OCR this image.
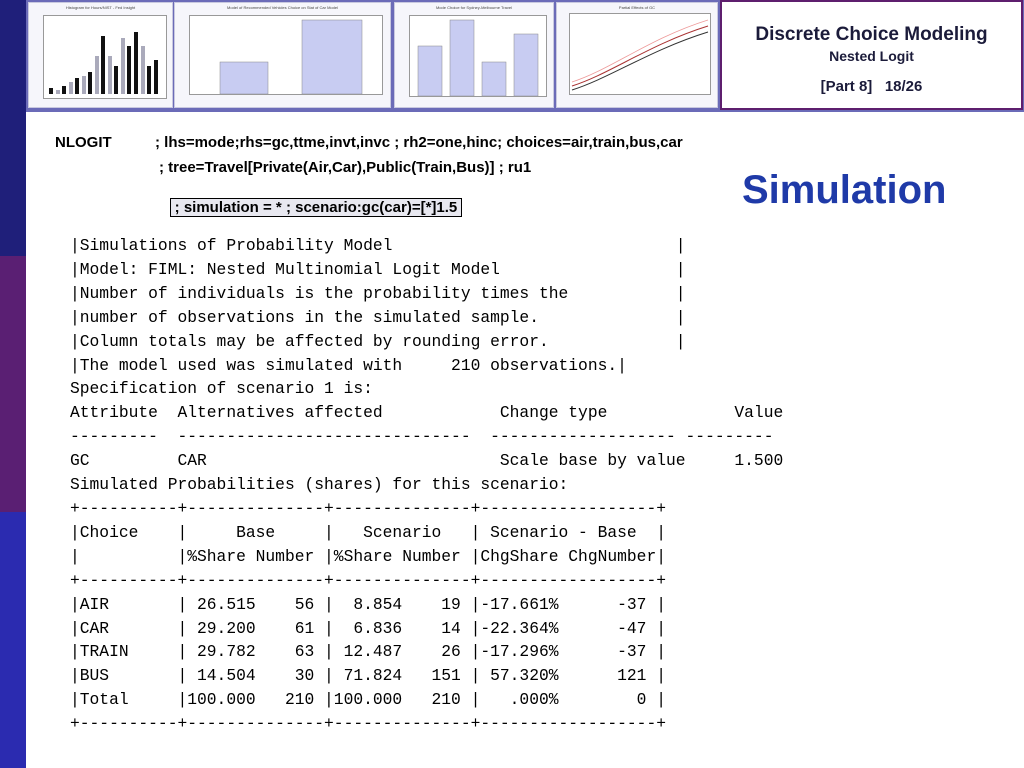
Histogram for Hours/NIST - Fed Insight	Model of Recommended Vehicles Choice on Stat of Car Model	Mode Choice for Sydney-Melbourne Travel	Partial Effects of GC
Discrete Choice Modeling
Nested Logit
[Part 8] 18/26
NLOGIT	; lhs=mode;rhs=gc,ttme,invt,invc ; rh2=one,hinc; choices=air,train,bus,car
; tree=Travel[Private(Air,Car),Public(Train,Bus)] ; ru1

; simulation = * ; scenario:gc(car)=[*]1.5
	Simulation
|Simulations of Probability Model                             |
|Model: FIML: Nested Multinomial Logit Model                  |
|Number of individuals is the probability times the           |
|number of observations in the simulated sample.              |
|Column totals may be affected by rounding error.             |
|The model used was simulated with     210 observations.|
Specification of scenario 1 is:
Attribute  Alternatives affected            Change type             Value
---------  ------------------------------  ------------------- ---------
GC         CAR                              Scale base by value     1.500
Simulated Probabilities (shares) for this scenario:
+----------+--------------+--------------+------------------+
|Choice    |     Base     |   Scenario   | Scenario - Base  |
|          |%Share Number |%Share Number |ChgShare ChgNumber|
+----------+--------------+--------------+------------------+
|AIR       | 26.515    56 |  8.854    19 |-17.661%      -37 |
|CAR       | 29.200    61 |  6.836    14 |-22.364%      -47 |
|TRAIN     | 29.782    63 | 12.487    26 |-17.296%      -37 |
|BUS       | 14.504    30 | 71.824   151 | 57.320%      121 |
|Total     |100.000   210 |100.000   210 |   .000%        0 |
+----------+--------------+--------------+------------------+
